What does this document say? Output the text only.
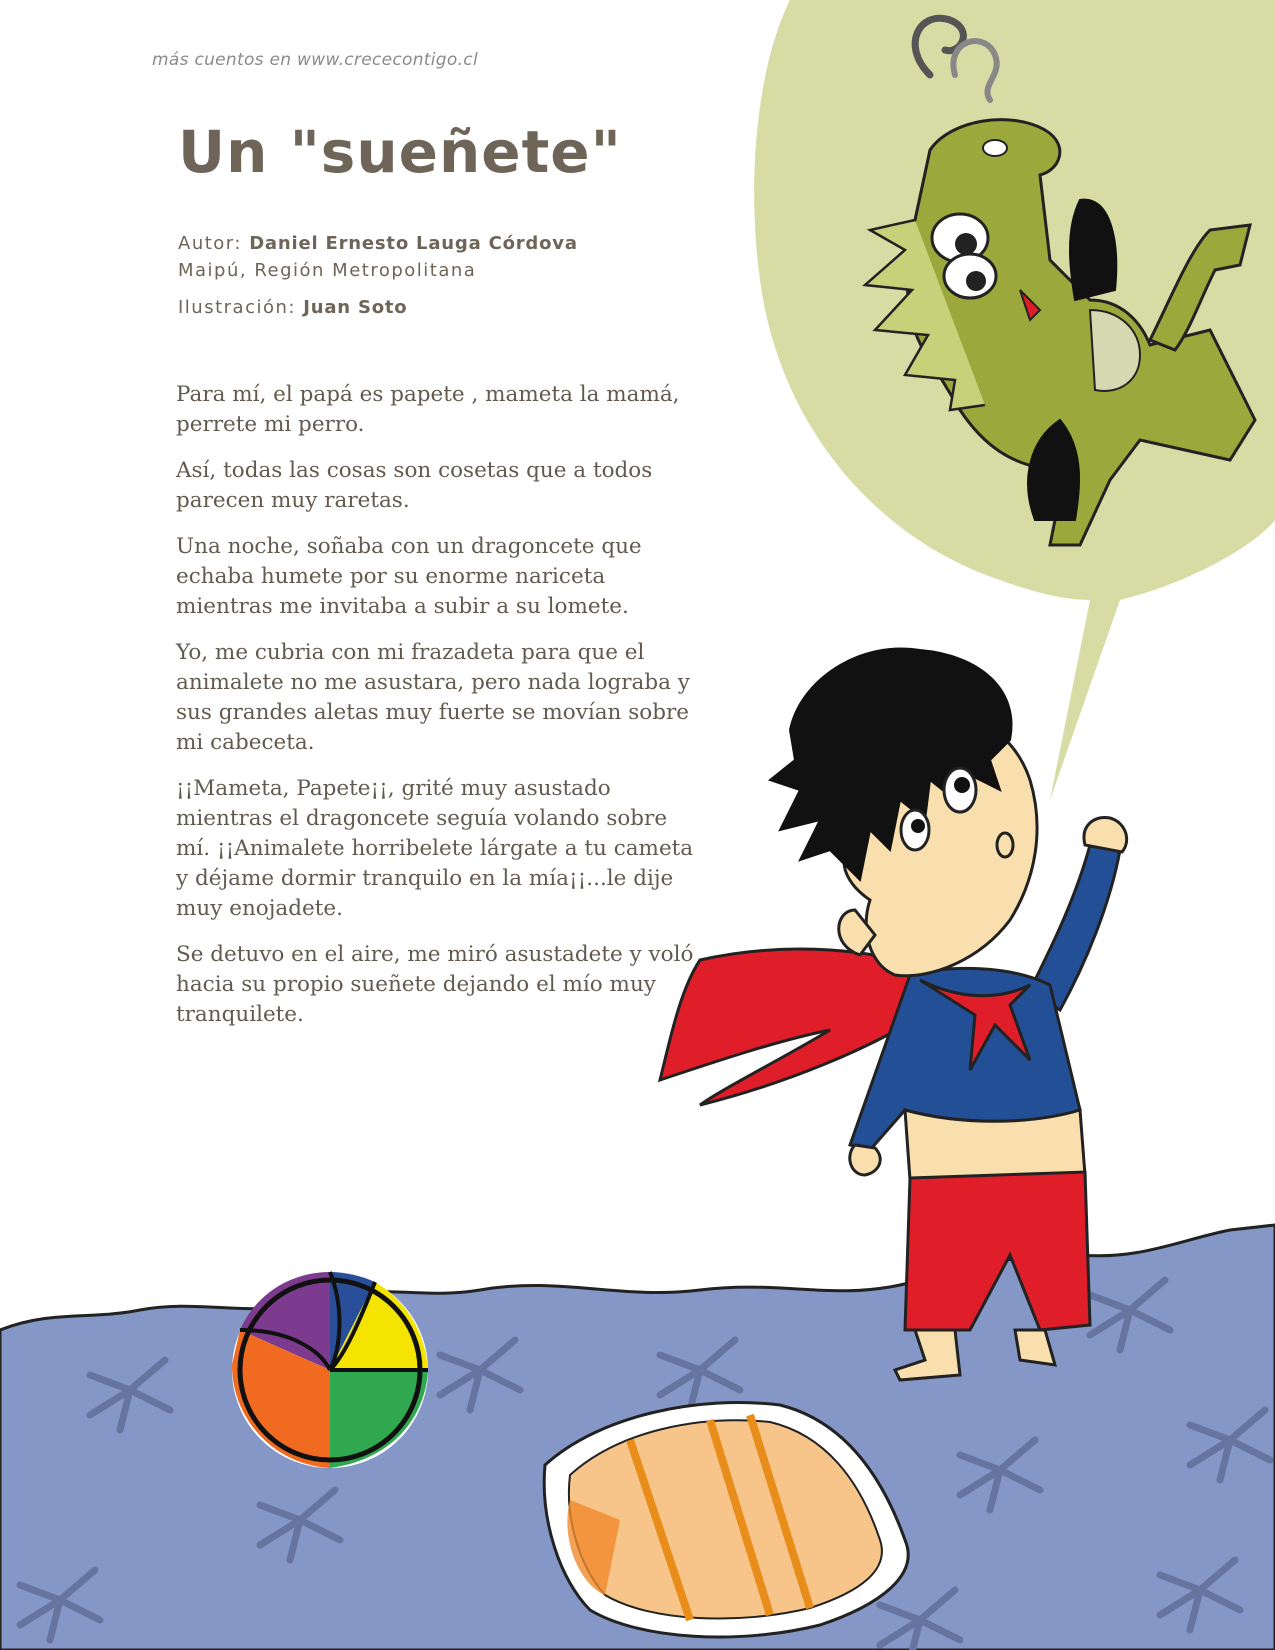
más cuentos en www.crececontigo.cl
Un "sueñete"
Autor: Daniel Ernesto Lauga Córdova
Maipú, Región Metropolitana
Ilustración: Juan Soto

Para mí, el papá es papete , mameta la mamá, perrete mi perro.

Así, todas las cosas son cosetas que a todos parecen muy raretas.

Una noche, soñaba con un dragoncete que echaba humete por su enorme nariceta mientras me invitaba a subir a su lomete.

Yo, me cubria con mi frazadeta para que el animalete no me asustara, pero nada lograba y sus grandes aletas muy fuerte se movían sobre mi cabeceta.

¡¡Mameta, Papete¡¡, grité muy asustado mientras el dragoncete seguía volando sobre mí. ¡¡Animalete horribelete lárgate a tu cameta y déjame dormir tranquilo en la mía¡¡...le dije muy enojadete.

Se detuvo en el aire, me miró asustadete y voló hacia su propio sueñete dejando el mío muy tranquilete.
